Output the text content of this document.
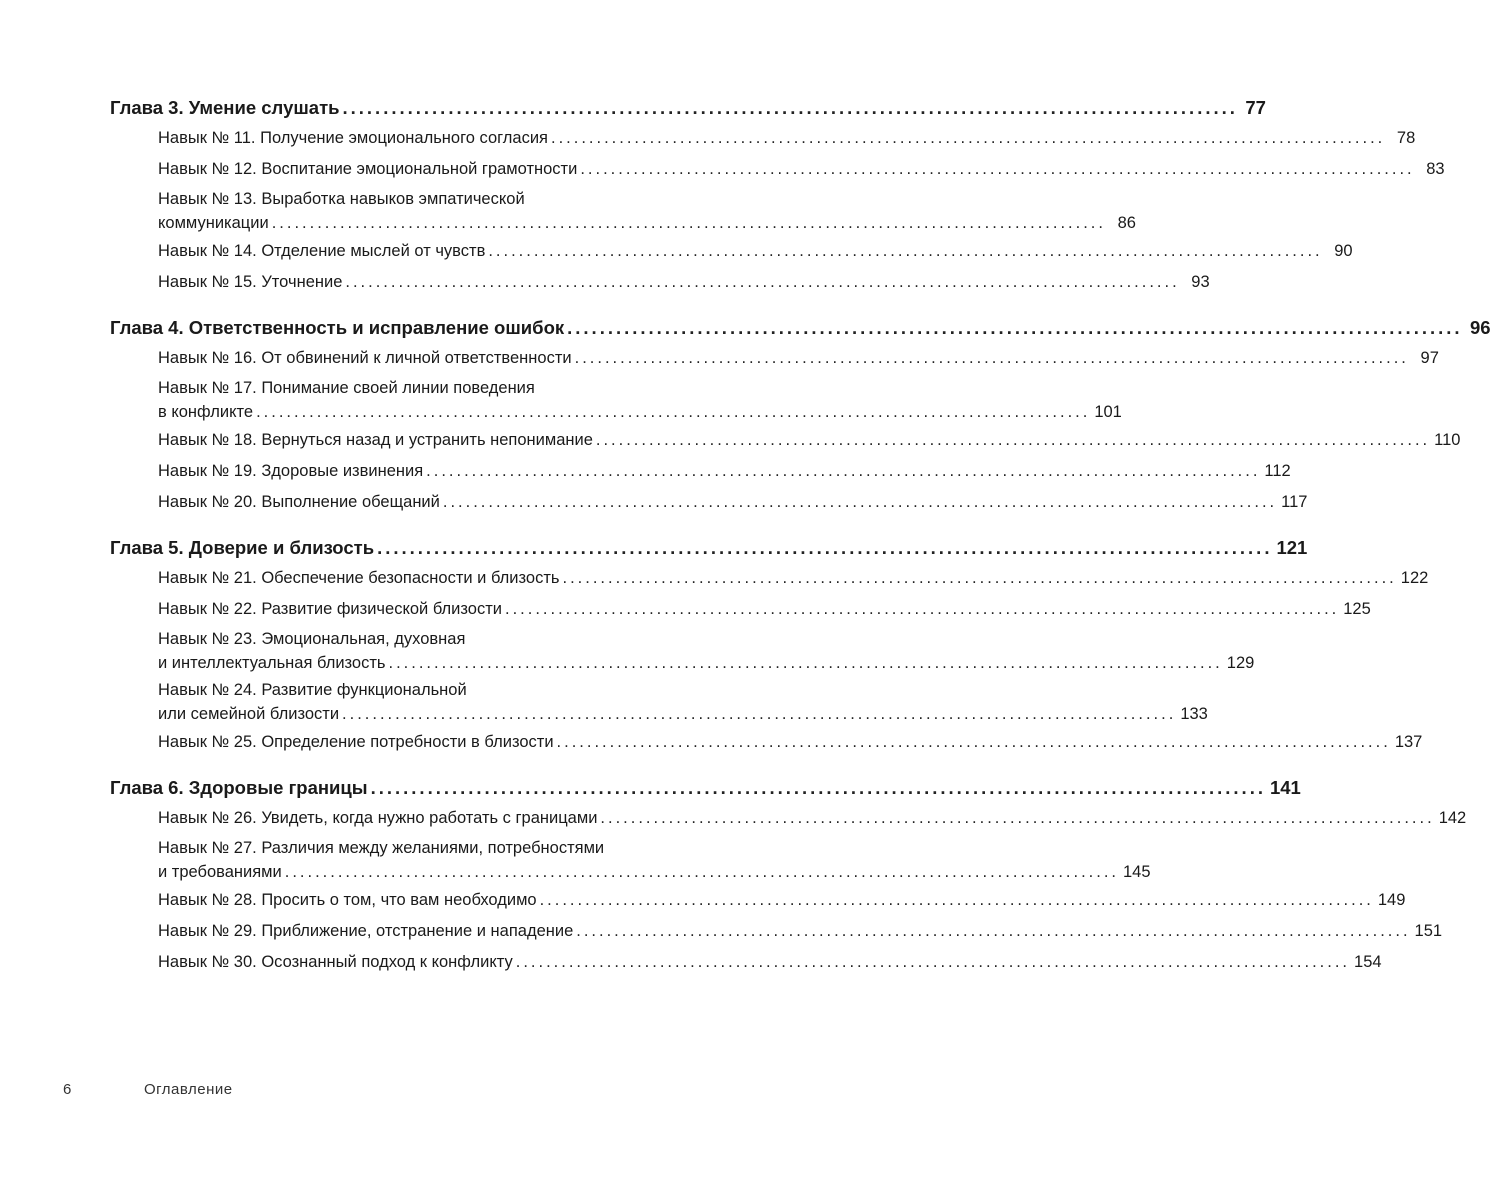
Глава 3. Умение слушать .............................................................................................................. 77
Навык № 11. Получение эмоционального согласия .............................................................................................................. 78
Навык № 12. Воспитание эмоциональной грамотности .............................................................................................................. 83
Навык № 13. Выработка навыков эмпатической
коммуникации .............................................................................................................. 86
Навык № 14. Отделение мыслей от чувств .............................................................................................................. 90
Навык № 15. Уточнение .............................................................................................................. 93
Глава 4. Ответственность и исправление ошибок .............................................................................................................. 96
Навык № 16. От обвинений к личной ответственности .............................................................................................................. 97
Навык № 17. Понимание своей линии поведения
в конфликте .............................................................................................................. 101
Навык № 18. Вернуться назад и устранить непонимание .............................................................................................................. 110
Навык № 19. Здоровые извинения .............................................................................................................. 112
Навык № 20. Выполнение обещаний .............................................................................................................. 117
Глава 5. Доверие и близость .............................................................................................................. 121
Навык № 21. Обеспечение безопасности и близость .............................................................................................................. 122
Навык № 22. Развитие физической близости .............................................................................................................. 125
Навык № 23. Эмоциональная, духовная
и интеллектуальная близость .............................................................................................................. 129
Навык № 24. Развитие функциональной
или семейной близости .............................................................................................................. 133
Навык № 25. Определение потребности в близости .............................................................................................................. 137
Глава 6. Здоровые границы .............................................................................................................. 141
Навык № 26. Увидеть, когда нужно работать с границами .............................................................................................................. 142
Навык № 27. Различия между желаниями, потребностями
и требованиями .............................................................................................................. 145
Навык № 28. Просить о том, что вам необходимо .............................................................................................................. 149
Навык № 29. Приближение, отстранение и нападение .............................................................................................................. 151
Навык № 30. Осознанный подход к конфликту .............................................................................................................. 154
6	Оглавление
